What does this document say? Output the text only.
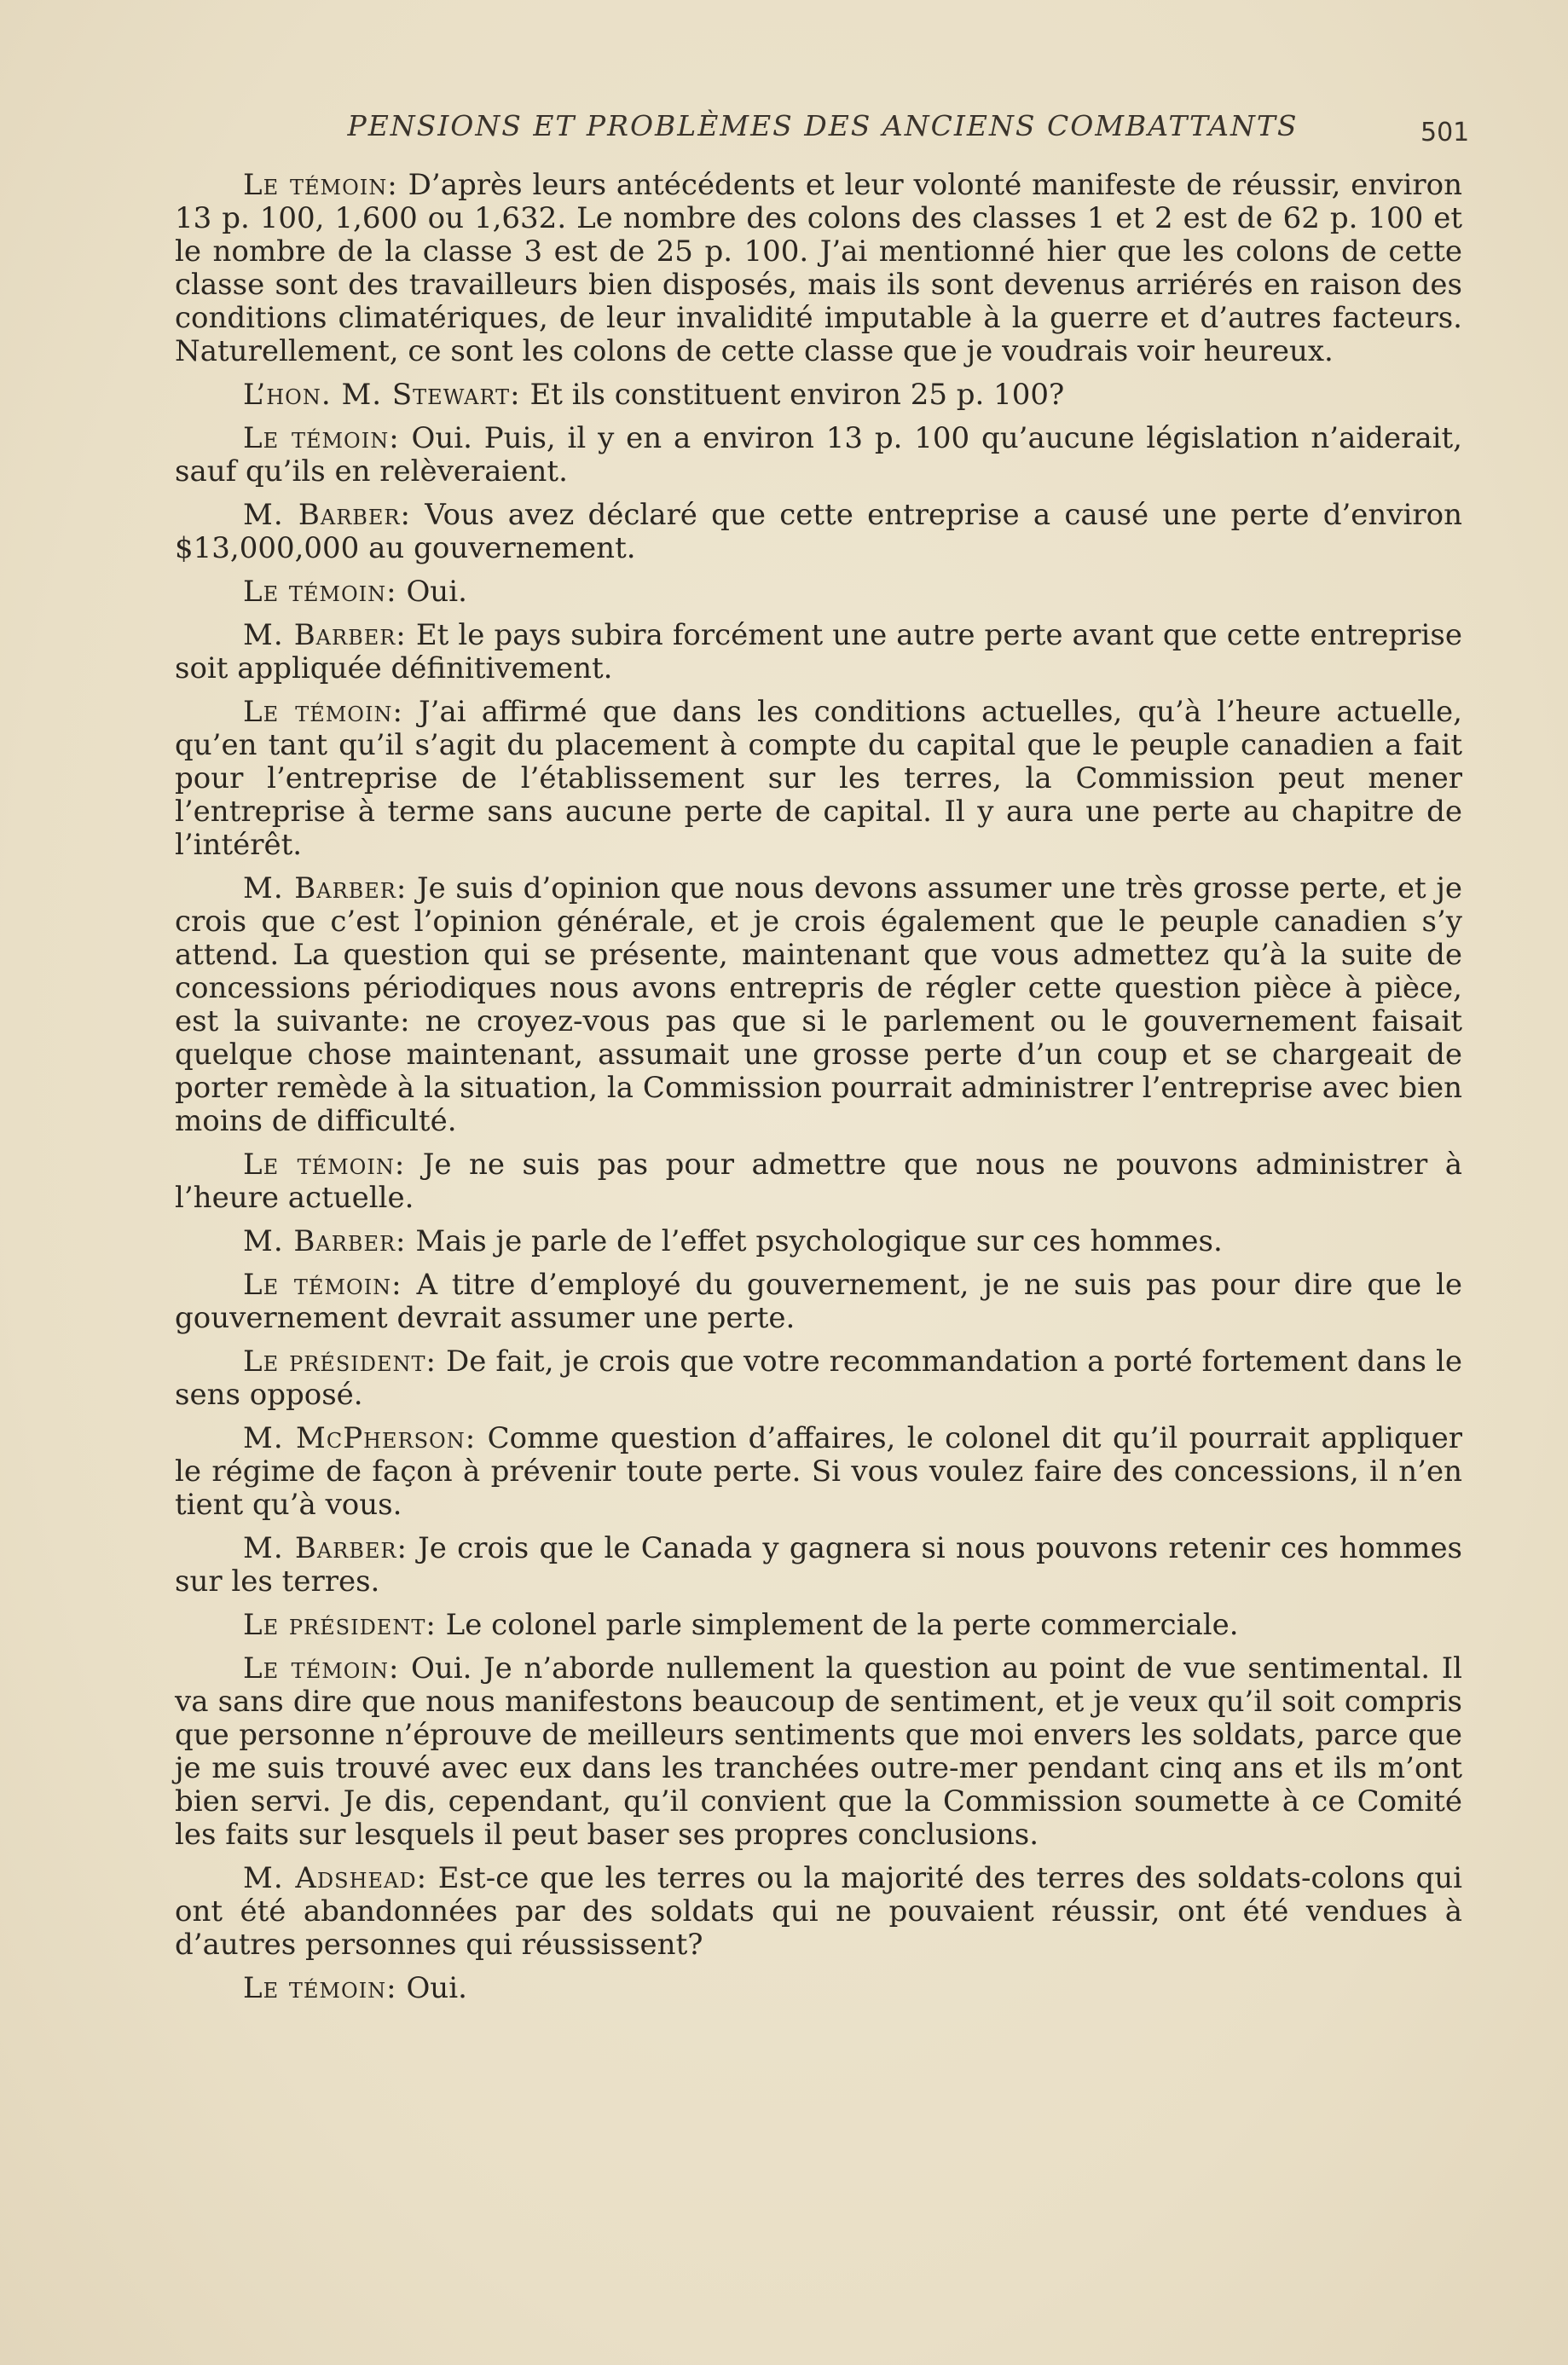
PENSIONS ET PROBLÈMES DES ANCIENS COMBATTANTS	501

Le témoin: D’après leurs antécédents et leur volonté manifeste de réussir, environ 13 p. 100, 1,600 ou 1,632. Le nombre des colons des classes 1 et 2 est de 62 p. 100 et le nombre de la classe 3 est de 25 p. 100. J’ai mentionné hier que les colons de cette classe sont des travailleurs bien disposés, mais ils sont devenus arriérés en raison des conditions climatériques, de leur invalidité imputable à la guerre et d’autres facteurs. Naturellement, ce sont les colons de cette classe que je voudrais voir heureux.

L’hon. M. Stewart: Et ils constituent environ 25 p. 100?

Le témoin: Oui. Puis, il y en a environ 13 p. 100 qu’aucune législation n’aiderait, sauf qu’ils en relèveraient.

M. Barber: Vous avez déclaré que cette entreprise a causé une perte d’environ $13,000,000 au gouvernement.

Le témoin: Oui.

M. Barber: Et le pays subira forcément une autre perte avant que cette entreprise soit appliquée définitivement.

Le témoin: J’ai affirmé que dans les conditions actuelles, qu’à l’heure actuelle, qu’en tant qu’il s’agit du placement à compte du capital que le peuple canadien a fait pour l’entreprise de l’établissement sur les terres, la Commission peut mener l’entreprise à terme sans aucune perte de capital. Il y aura une perte au chapitre de l’intérêt.

M. Barber: Je suis d’opinion que nous devons assumer une très grosse perte, et je crois que c’est l’opinion générale, et je crois également que le peuple canadien s’y attend. La question qui se présente, maintenant que vous admettez qu’à la suite de concessions périodiques nous avons entrepris de régler cette question pièce à pièce, est la suivante: ne croyez-vous pas que si le parlement ou le gouvernement faisait quelque chose maintenant, assumait une grosse perte d’un coup et se chargeait de porter remède à la situation, la Commission pourrait administrer l’entreprise avec bien moins de difficulté.

Le témoin: Je ne suis pas pour admettre que nous ne pouvons administrer à l’heure actuelle.

M. Barber: Mais je parle de l’effet psychologique sur ces hommes.

Le témoin: A titre d’employé du gouvernement, je ne suis pas pour dire que le gouvernement devrait assumer une perte.

Le président: De fait, je crois que votre recommandation a porté fortement dans le sens opposé.

M. McPherson: Comme question d’affaires, le colonel dit qu’il pourrait appliquer le régime de façon à prévenir toute perte. Si vous voulez faire des concessions, il n’en tient qu’à vous.

M. Barber: Je crois que le Canada y gagnera si nous pouvons retenir ces hommes sur les terres.

Le président: Le colonel parle simplement de la perte commerciale.

Le témoin: Oui. Je n’aborde nullement la question au point de vue sentimental. Il va sans dire que nous manifestons beaucoup de sentiment, et je veux qu’il soit compris que personne n’éprouve de meilleurs sentiments que moi envers les soldats, parce que je me suis trouvé avec eux dans les tranchées outre-mer pendant cinq ans et ils m’ont bien servi. Je dis, cependant, qu’il convient que la Commission soumette à ce Comité les faits sur lesquels il peut baser ses propres conclusions.

M. Adshead: Est-ce que les terres ou la majorité des terres des soldats-colons qui ont été abandonnées par des soldats qui ne pouvaient réussir, ont été vendues à d’autres personnes qui réussissent?

Le témoin: Oui.
